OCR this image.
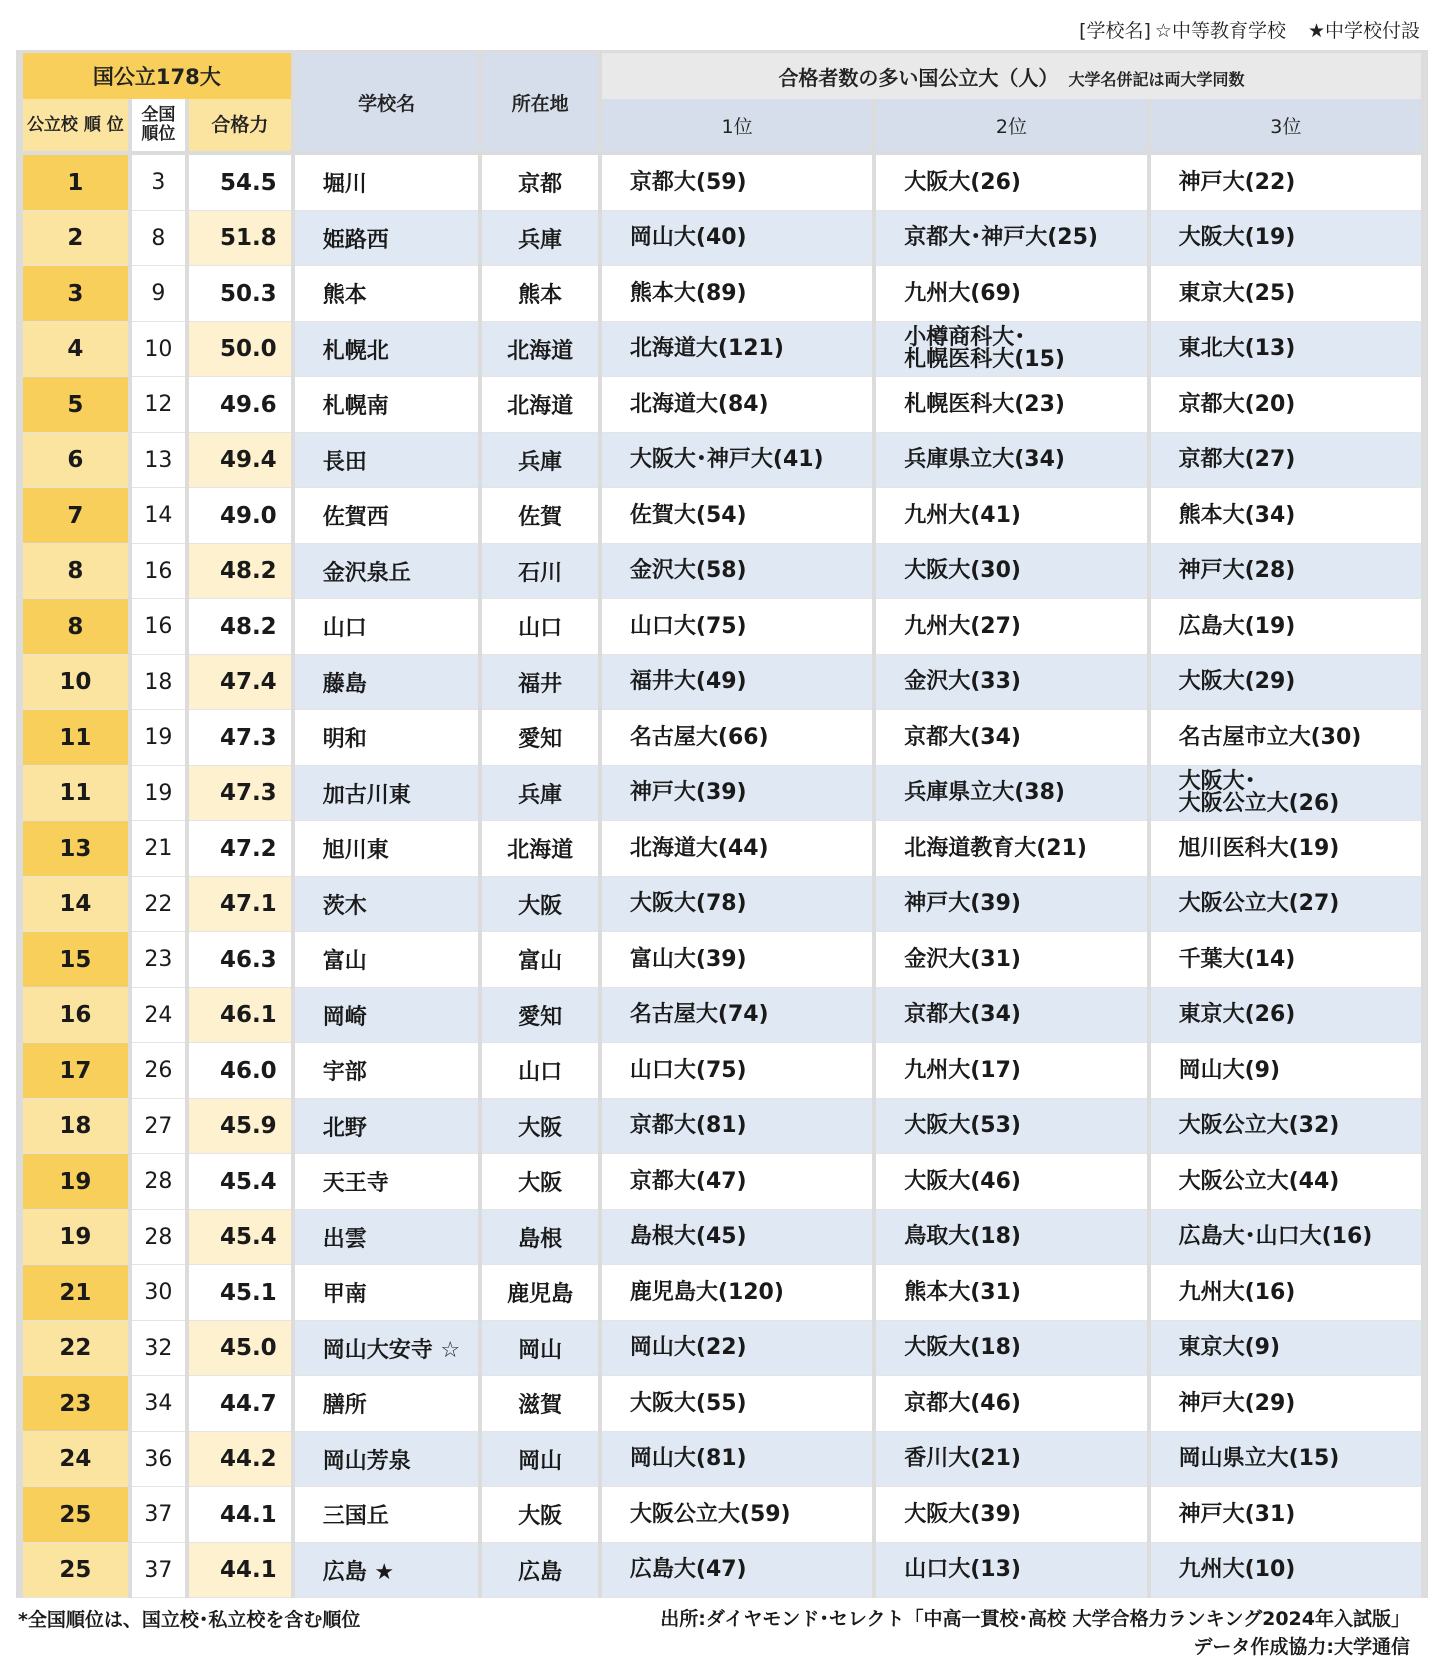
[学校名] ☆中等教育学校 ★中学校付設
国公立178大			学校名	所在地	合格者数の多い国公立大（人） 大学名併記は両大学同数		
公立校 順 位	全国 順位	合格力			1位	2位	3位

1	3	54.5	堀川	京都	京都大(59)	大阪大(26)	神戸大(22)
2	8	51.8	姫路西	兵庫	岡山大(40)	京都大･神戸大(25)	大阪大(19)
3	9	50.3	熊本	熊本	熊本大(89)	九州大(69)	東京大(25)
4	10	50.0	札幌北	北海道	北海道大(121)	小樽商科大･
札幌医科大(15)	東北大(13)
5	12	49.6	札幌南	北海道	北海道大(84)	札幌医科大(23)	京都大(20)
6	13	49.4	長田	兵庫	大阪大･神戸大(41)	兵庫県立大(34)	京都大(27)
7	14	49.0	佐賀西	佐賀	佐賀大(54)	九州大(41)	熊本大(34)
8	16	48.2	金沢泉丘	石川	金沢大(58)	大阪大(30)	神戸大(28)
8	16	48.2	山口	山口	山口大(75)	九州大(27)	広島大(19)
10	18	47.4	藤島	福井	福井大(49)	金沢大(33)	大阪大(29)
11	19	47.3	明和	愛知	名古屋大(66)	京都大(34)	名古屋市立大(30)
11	19	47.3	加古川東	兵庫	神戸大(39)	兵庫県立大(38)	大阪大･
大阪公立大(26)
13	21	47.2	旭川東	北海道	北海道大(44)	北海道教育大(21)	旭川医科大(19)
14	22	47.1	茨木	大阪	大阪大(78)	神戸大(39)	大阪公立大(27)
15	23	46.3	富山	富山	富山大(39)	金沢大(31)	千葉大(14)
16	24	46.1	岡崎	愛知	名古屋大(74)	京都大(34)	東京大(26)
17	26	46.0	宇部	山口	山口大(75)	九州大(17)	岡山大(9)
18	27	45.9	北野	大阪	京都大(81)	大阪大(53)	大阪公立大(32)
19	28	45.4	天王寺	大阪	京都大(47)	大阪大(46)	大阪公立大(44)
19	28	45.4	出雲	島根	島根大(45)	鳥取大(18)	広島大･山口大(16)
21	30	45.1	甲南	鹿児島	鹿児島大(120)	熊本大(31)	九州大(16)
22	32	45.0	岡山大安寺 ☆	岡山	岡山大(22)	大阪大(18)	東京大(9)
23	34	44.7	膳所	滋賀	大阪大(55)	京都大(46)	神戸大(29)
24	36	44.2	岡山芳泉	岡山	岡山大(81)	香川大(21)	岡山県立大(15)
25	37	44.1	三国丘	大阪	大阪公立大(59)	大阪大(39)	神戸大(31)
25	37	44.1	広島 ★	広島	広島大(47)	山口大(13)	九州大(10)
*全国順位は、国立校･私立校を含む順位	出所:ダイヤモンド･セレクト「中高一貫校･高校 大学合格力ランキング2024年入試版」
データ作成協力:大学通信
